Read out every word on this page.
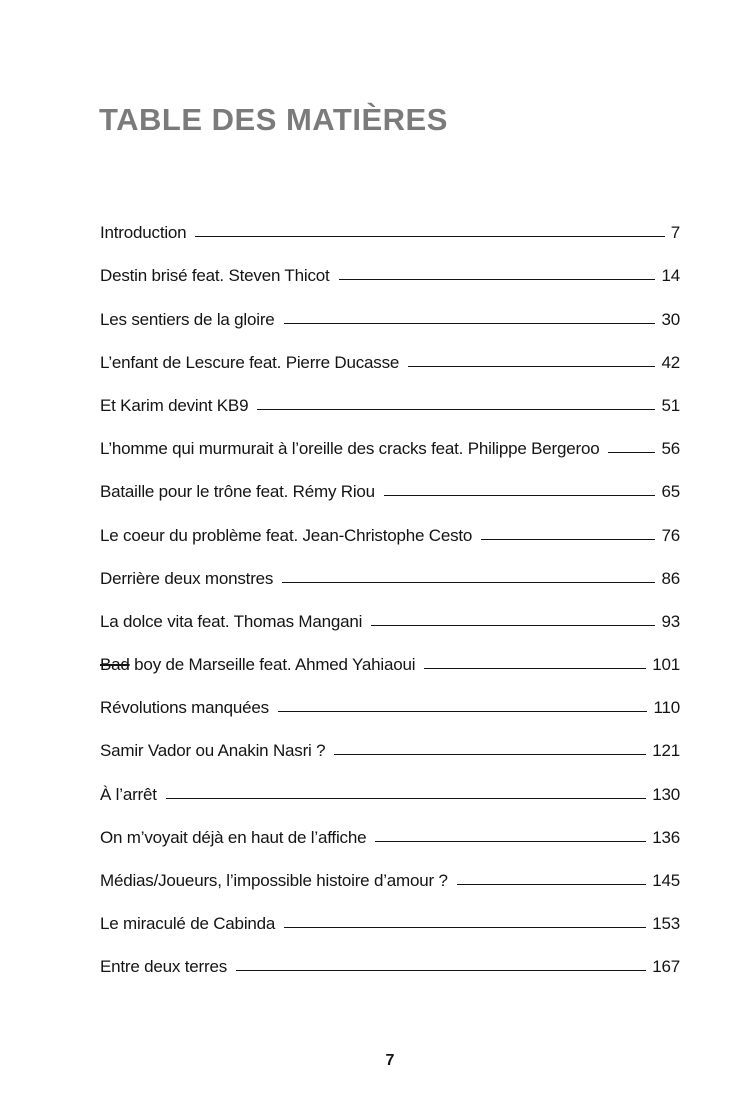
TABLE DES MATIÈRES
Introduction	7
Destin brisé feat. Steven Thicot	14
Les sentiers de la gloire	30
L’enfant de Lescure feat. Pierre Ducasse	42
Et Karim devint KB9	51
L’homme qui murmurait à l’oreille des cracks feat. Philippe Bergeroo	56
Bataille pour le trône feat. Rémy Riou	65
Le coeur du problème feat. Jean-Christophe Cesto	76
Derrière deux monstres	86
La dolce vita feat. Thomas Mangani	93
Bad boy de Marseille feat. Ahmed Yahiaoui	101
Révolutions manquées	110
Samir Vador ou Anakin Nasri ?	121
À l’arrêt	130
On m’voyait déjà en haut de l’affiche	136
Médias/Joueurs, l’impossible histoire d’amour ?	145
Le miraculé de Cabinda	153
Entre deux terres	167
7
